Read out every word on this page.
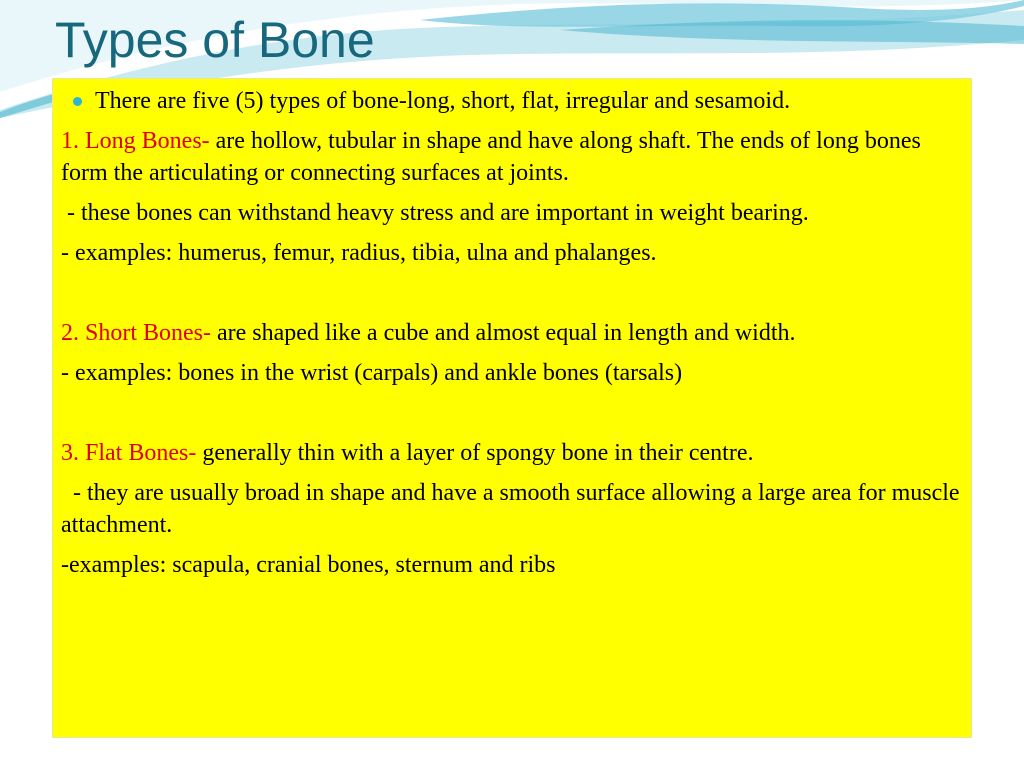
Types of Bone

There are five (5) types of bone-long, short, flat, irregular and sesamoid.

1. Long Bones- are hollow, tubular in shape and have along shaft. The ends of long bones form the articulating or connecting surfaces at joints.

- these bones can withstand heavy stress and are important in weight bearing.

- examples: humerus, femur, radius, tibia, ulna and phalanges.

2. Short Bones- are shaped like a cube and almost equal in length and width.

- examples: bones in the wrist (carpals) and ankle bones (tarsals)

3. Flat Bones- generally thin with a layer of spongy bone in their centre.

- they are usually broad in shape and have a smooth surface allowing a large area for muscle attachment.

-examples: scapula, cranial bones, sternum and ribs
